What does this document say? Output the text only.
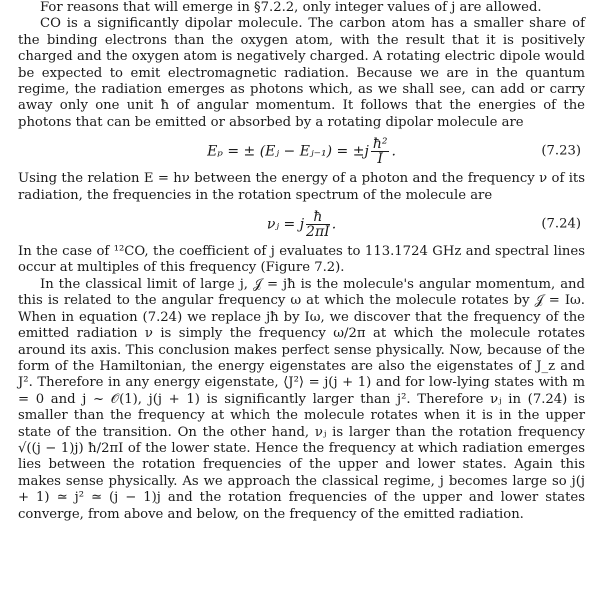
For reasons that will emerge in §7.2.2, only integer values of j are allowed.

CO is a significantly dipolar molecule. The carbon atom has a smaller share of the binding electrons than the oxygen atom, with the result that it is positively charged and the oxygen atom is negatively charged. A rotating electric dipole would be expected to emit electromagnetic radiation. Because we are in the quantum regime, the radiation emerges as photons which, as we shall see, can add or carry away only one unit ħ of angular momentum. It follows that the energies of the photons that can be emitted or absorbed by a rotating dipolar molecule are

Eₚ = ± (Eⱼ − Eⱼ₋₁) = $\pm j \frac{\text{ħ²}}{I}$ .	(7.23)

Using the relation E = hν between the energy of a photon and the frequency ν of its radiation, the frequencies in the rotation spectrum of the molecule are

νⱼ = j $\frac{ħ}{2\pi I}$ .	(7.24)

In the case of ¹²CO, the coefficient of j evaluates to 113.1724 GHz and spectral lines occur at multiples of this frequency (Figure 7.2).

In the classical limit of large j, 𝒥 = jħ is the molecule's angular momentum, and this is related to the angular frequency ω at which the molecule rotates by 𝒥 = Iω. When in equation (7.24) we replace jħ by Iω, we discover that the frequency of the emitted radiation ν is simply the frequency ω/2π at which the molecule rotates around its axis. This conclusion makes perfect sense physically. Now, because of the form of the Hamiltonian, the energy eigenstates are also the eigenstates of J_z and J². Therefore in any energy eigenstate, ⟨J²⟩ = j(j + 1) and for low-lying states with m = 0 and j ~ 𝒪(1), j(j + 1) is significantly larger than j². Therefore νⱼ in (7.24) is smaller than the frequency at which the molecule rotates when it is in the upper state of the transition. On the other hand, νⱼ is larger than the rotation frequency √((j − 1)j) ħ/2πI of the lower state. Hence the frequency at which radiation emerges lies between the rotation frequencies of the upper and lower states. Again this makes sense physically. As we approach the classical regime, j becomes large so j(j + 1) ≃ j² ≃ (j − 1)j and the rotation frequencies of the upper and lower states converge, from above and below, on the frequency of the emitted radiation.
